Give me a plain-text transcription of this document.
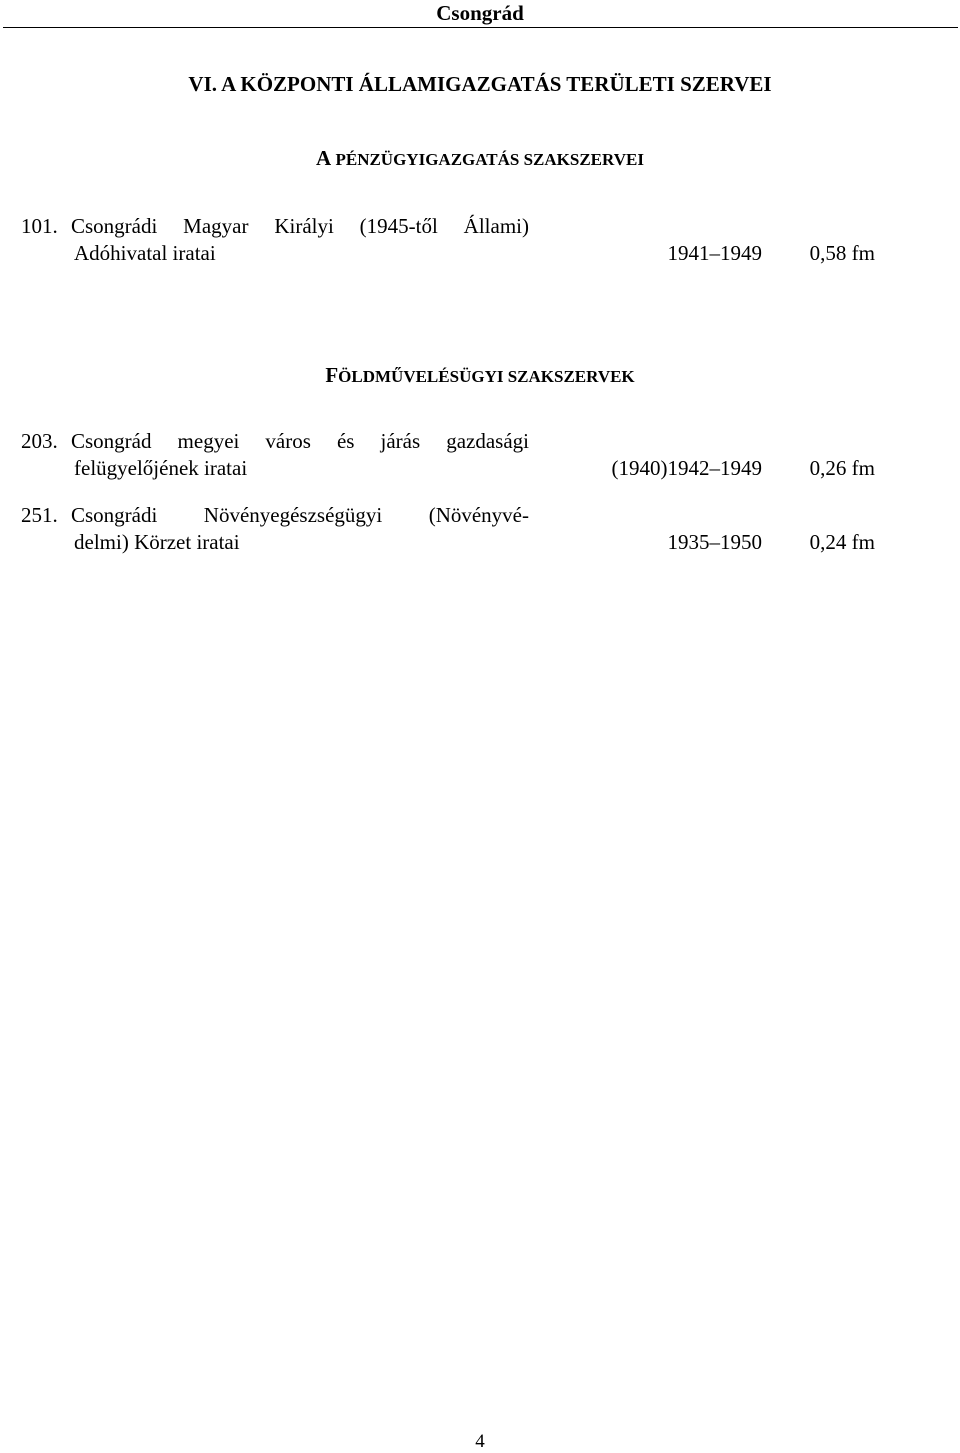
Csongrád
VI. A KÖZPONTI ÁLLAMIGAZGATÁS TERÜLETI SZERVEI
A PÉNZÜGYIGAZGATÁS SZAKSZERVEI
101. Csongrádi Magyar Királyi (1945-től Állami)
Adóhivatal iratai	1941–1949 0,58 fm
FÖLDMŰVELÉSÜGYI SZAKSZERVEK
203. Csongrád megyei város és járás gazdasági
felügyelőjének iratai	(1940)1942–1949 0,26 fm
251. Csongrádi Növényegészségügyi (Növényvé-
delmi) Körzet iratai	1935–1950 0,24 fm
4
